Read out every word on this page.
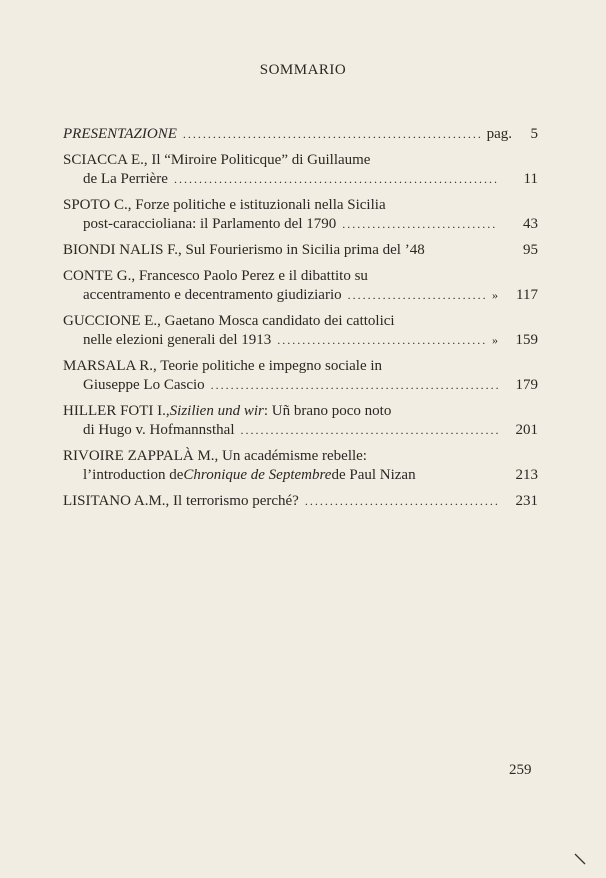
SOMMARIO
PRESENTAZIONE .....	pag.	5
SCIACCA E., Il “Miroire Politicque” di Guillaume
de La Perrière .....	11
SPOTO C., Forze politiche e istituzionali nella Sicilia
post-caraccioliana: il Parlamento del 1790 .....	43
BIONDI NALIS F., Sul Fourierismo in Sicilia prima del ’48	95
CONTE G., Francesco Paolo Perez e il dibattito su
accentramento e decentramento giudiziario .....	»	117
GUCCIONE E., Gaetano Mosca candidato dei cattolici
nelle elezioni generali del 1913 .....	»	159
MARSALA R., Teorie politiche e impegno sociale in
Giuseppe Lo Cascio .....	179
HILLER FOTI I., Sizilien und wir : Uñ brano poco noto
di Hugo v. Hofmannsthal .....	201
RIVOIRE ZAPPALÀ M., Un académisme rebelle:
l’introduction de Chronique de Septembre de Paul Nizan	213
LISITANO A.M., Il terrorismo perché? .....	231
259
